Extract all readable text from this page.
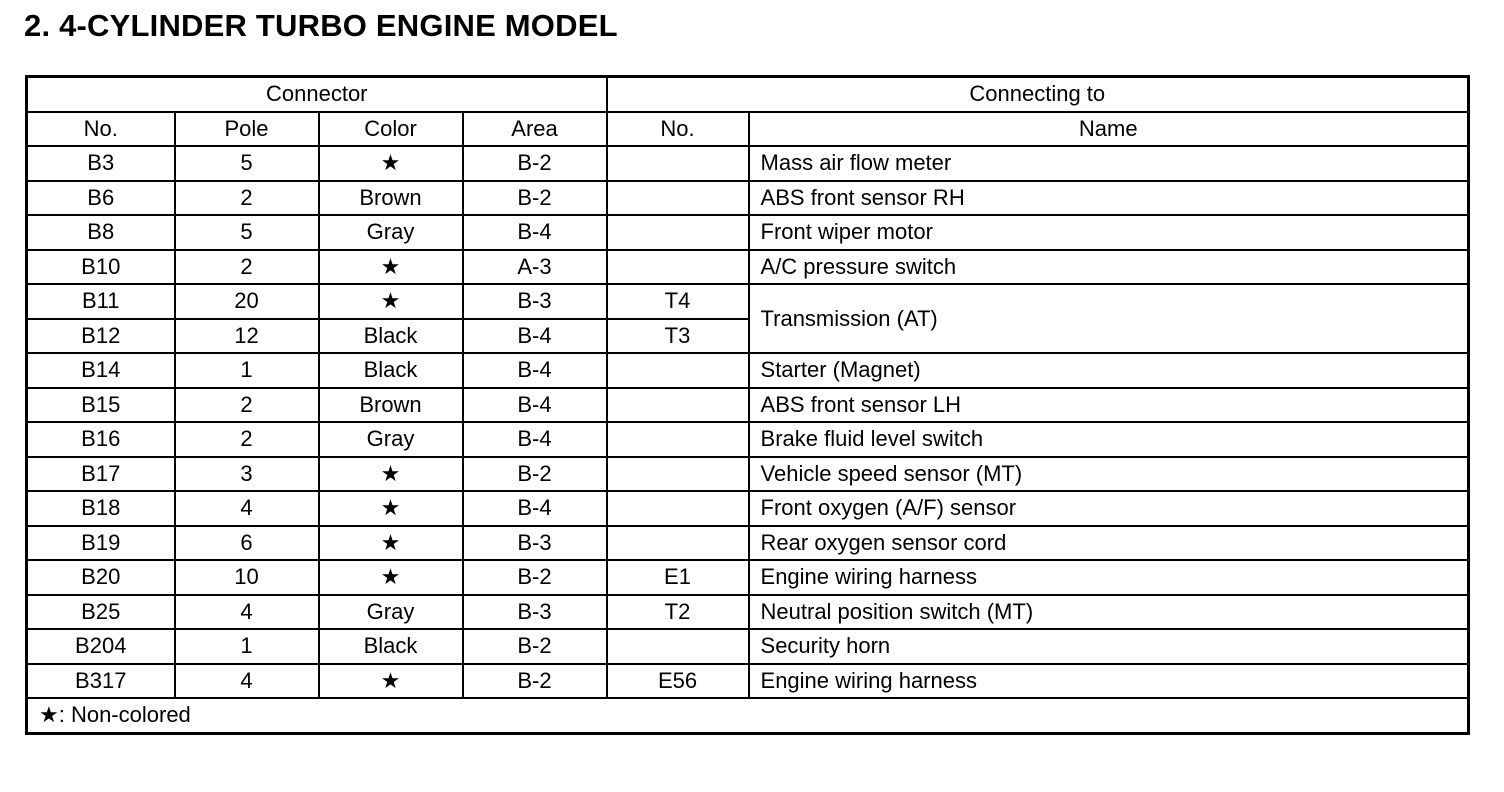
2. 4-CYLINDER TURBO ENGINE MODEL
Connector				Connecting to	
No.	Pole	Color	Area	No.	Name
B3	5	★	B-2		Mass air flow meter
B6	2	Brown	B-2		ABS front sensor RH
B8	5	Gray	B-4		Front wiper motor
B10	2	★	A-3		A/C pressure switch
B11	20	★	B-3	T4	Transmission (AT)
B12	12	Black	B-4	T3	
B14	1	Black	B-4		Starter (Magnet)
B15	2	Brown	B-4		ABS front sensor LH
B16	2	Gray	B-4		Brake fluid level switch
B17	3	★	B-2		Vehicle speed sensor (MT)
B18	4	★	B-4		Front oxygen (A/F) sensor
B19	6	★	B-3		Rear oxygen sensor cord
B20	10	★	B-2	E1	Engine wiring harness
B25	4	Gray	B-3	T2	Neutral position switch (MT)
B204	1	Black	B-2		Security horn
B317	4	★	B-2	E56	Engine wiring harness
★: Non-colored					
